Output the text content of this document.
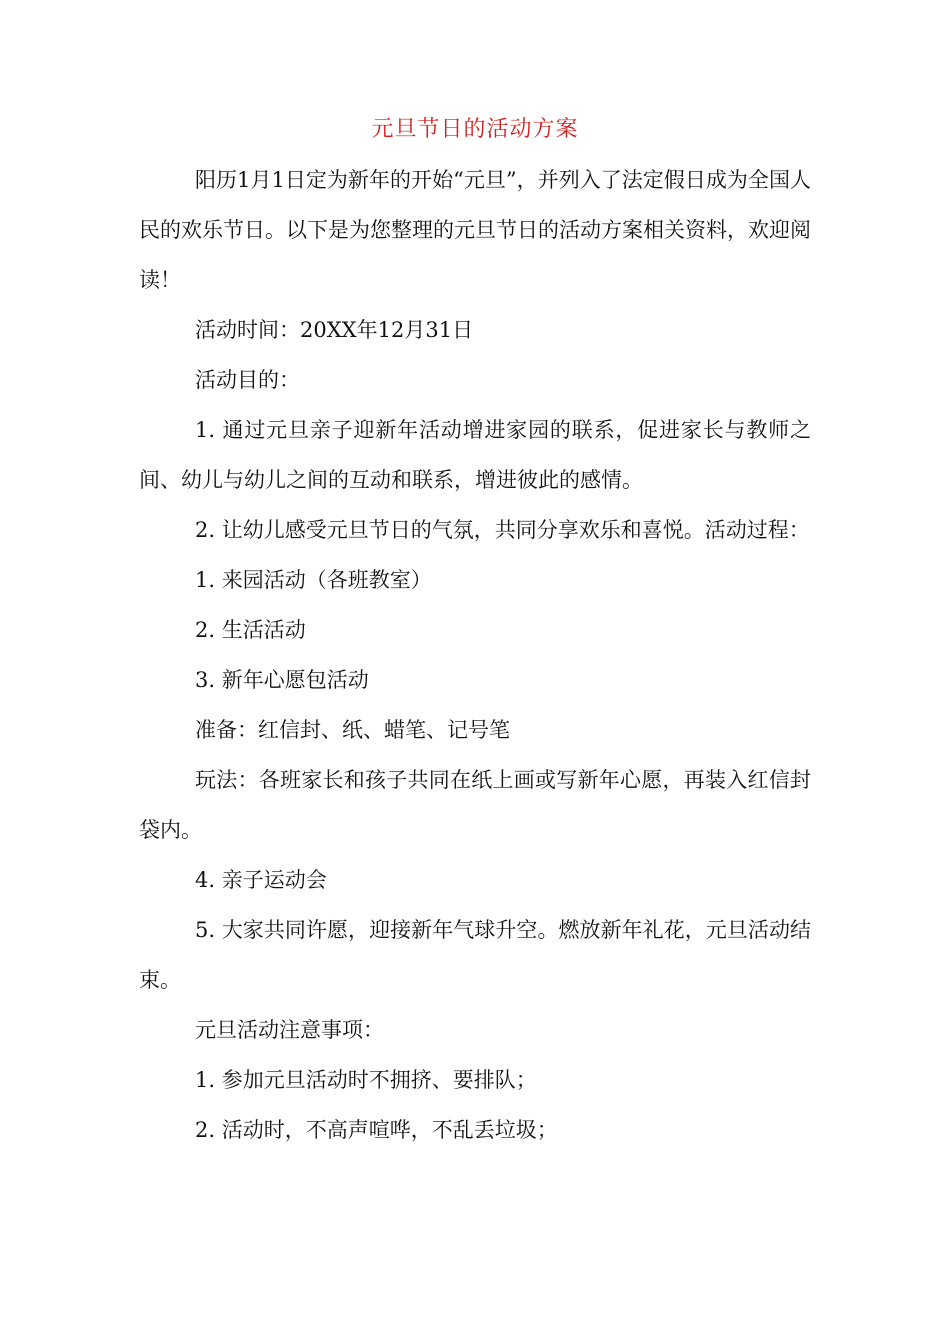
元旦节日的活动方案

阳历1月1日定为新年的开始“元旦”，并列入了法定假日成为全国人民的欢乐节日。以下是为您整理的元旦节日的活动方案相关资料，欢迎阅读！

活动时间：20XX年12月31日

活动目的：

1. 通过元旦亲子迎新年活动增进家园的联系，促进家长与教师之间、幼儿与幼儿之间的互动和联系，增进彼此的感情。

2. 让幼儿感受元旦节日的气氛，共同分享欢乐和喜悦。活动过程：

1. 来园活动（各班教室）

2. 生活活动

3. 新年心愿包活动

准备：红信封、纸、蜡笔、记号笔

玩法：各班家长和孩子共同在纸上画或写新年心愿，再装入红信封袋内。

4. 亲子运动会

5. 大家共同许愿，迎接新年气球升空。燃放新年礼花，元旦活动结束。

元旦活动注意事项：

1. 参加元旦活动时不拥挤、要排队；

2. 活动时，不高声喧哗，不乱丢垃圾；
